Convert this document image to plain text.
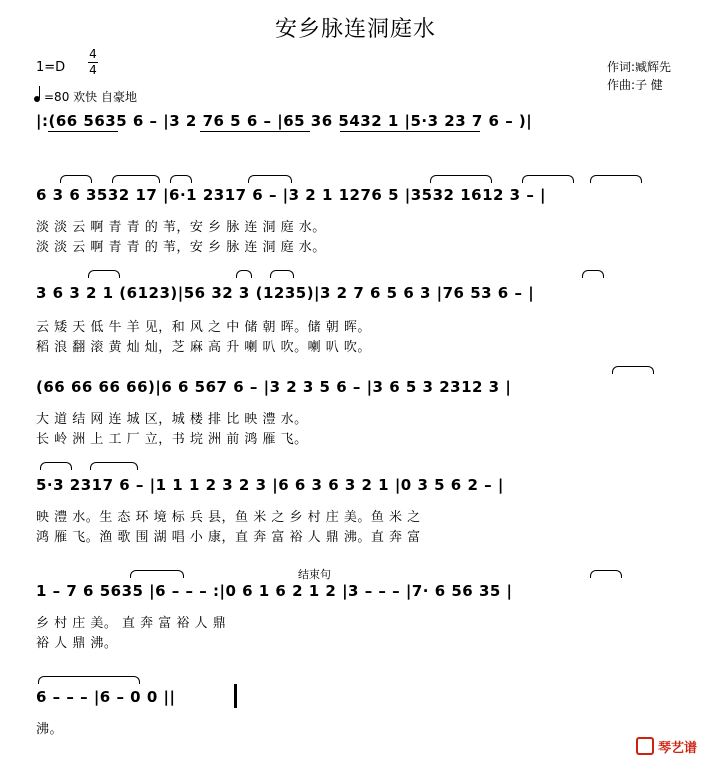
安乡脉连洞庭水
1=D
4
4
=80 欢快 自豪地
作词:臧辉先
作曲:子 健
|:(66 5635 6 – |3 2 76 5 6 – |65 36 5432 1 |5·3 23 7 6 – )|
6 3 6 3532 17 |6·1 2317 6 – |3 2 1 1276 5 |3532 1612 3 – |
淡 淡 云 啊 青 青 的 苇，安 乡 脉 连 洞 庭 水。
淡 淡 云 啊 青 青 的 苇，安 乡 脉 连 洞 庭 水。
3 6 3 2 1 (6123)|56 32 3 (1235)|3 2 7 6 5 6 3 |76 53 6 – |
云 矮 天 低 牛 羊 见，和 风 之 中 储 朝 晖。储 朝 晖。
稻 浪 翻 滚 黄 灿 灿，芝 麻 高 升 喇 叭 吹。喇 叭 吹。
(66 66 66 66)|6 6 567 6 – |3 2 3 5 6 – |3 6 5 3 2312 3 |
大 道 结 网 连 城 区，城 楼 排 比 映 澧 水。
长 岭 洲 上 工 厂 立，书 垸 洲 前 鸿 雁 飞。
5·3 2317 6 – |1 1 1 2 3 2 3 |6 6 3 6 3 2 1 |0 3 5 6 2 – |
映 澧 水。生 态 环 境 标 兵 县，鱼 米 之 乡 村 庄 美。鱼 米 之
鸿 雁 飞。渔 歌 围 湖 唱 小 康，直 奔 富 裕 人 鼎 沸。直 奔 富
结束句
1 – 7 6 5635 |6 – – – :|0 6 1 6 2 1 2 |3 – – – |7· 6 56 35 |
乡 村 庄 美。 直 奔 富 裕 人 鼎
裕 人 鼎 沸。
6 – – – |6 – 0 0 ||
沸。
琴艺谱
